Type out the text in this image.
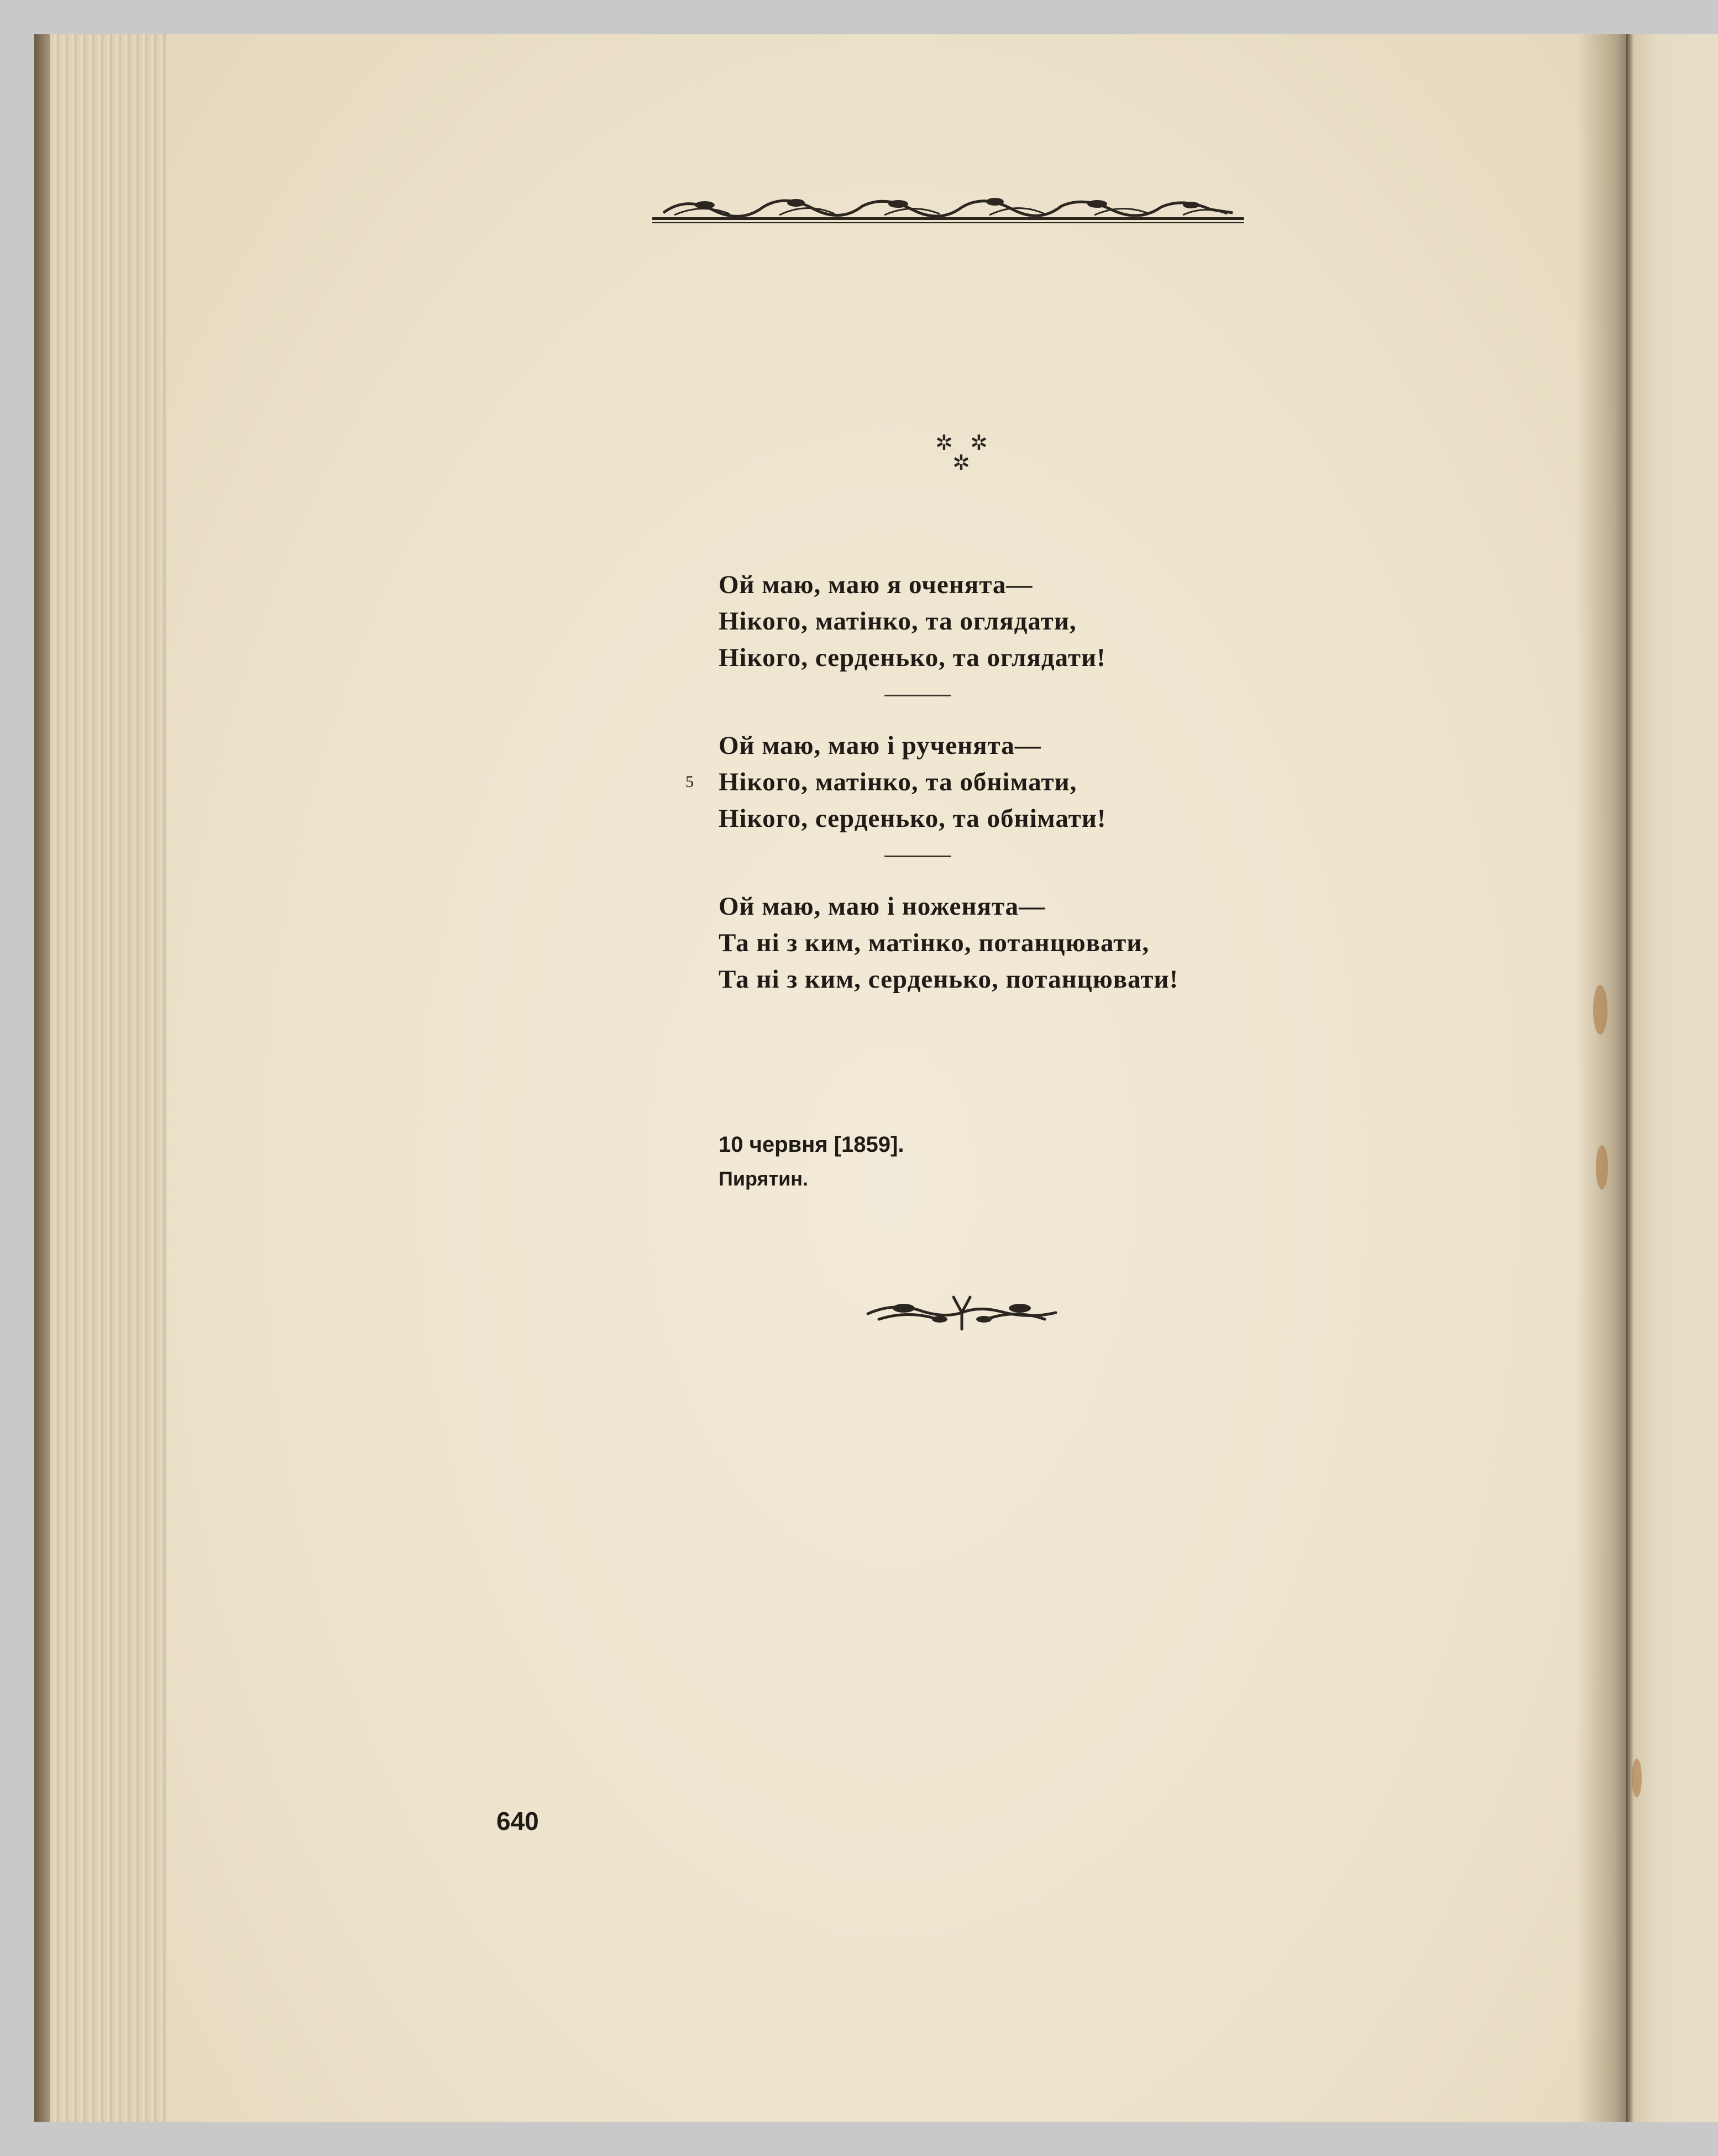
✲ ✲
✲
Ой маю, маю я оченята—
Нікого, матінко, та оглядати,
Нікого, серденько, та оглядати!
Ой маю, маю і рученята—
5 Нікого, матінко, та обнімати,
Нікого, серденько, та обнімати!
Ой маю, маю і ноженята—
Та ні з ким, матінко, потанцювати,
Та ні з ким, серденько, потанцювати!
10 червня [1859].
Пирятин.
640
